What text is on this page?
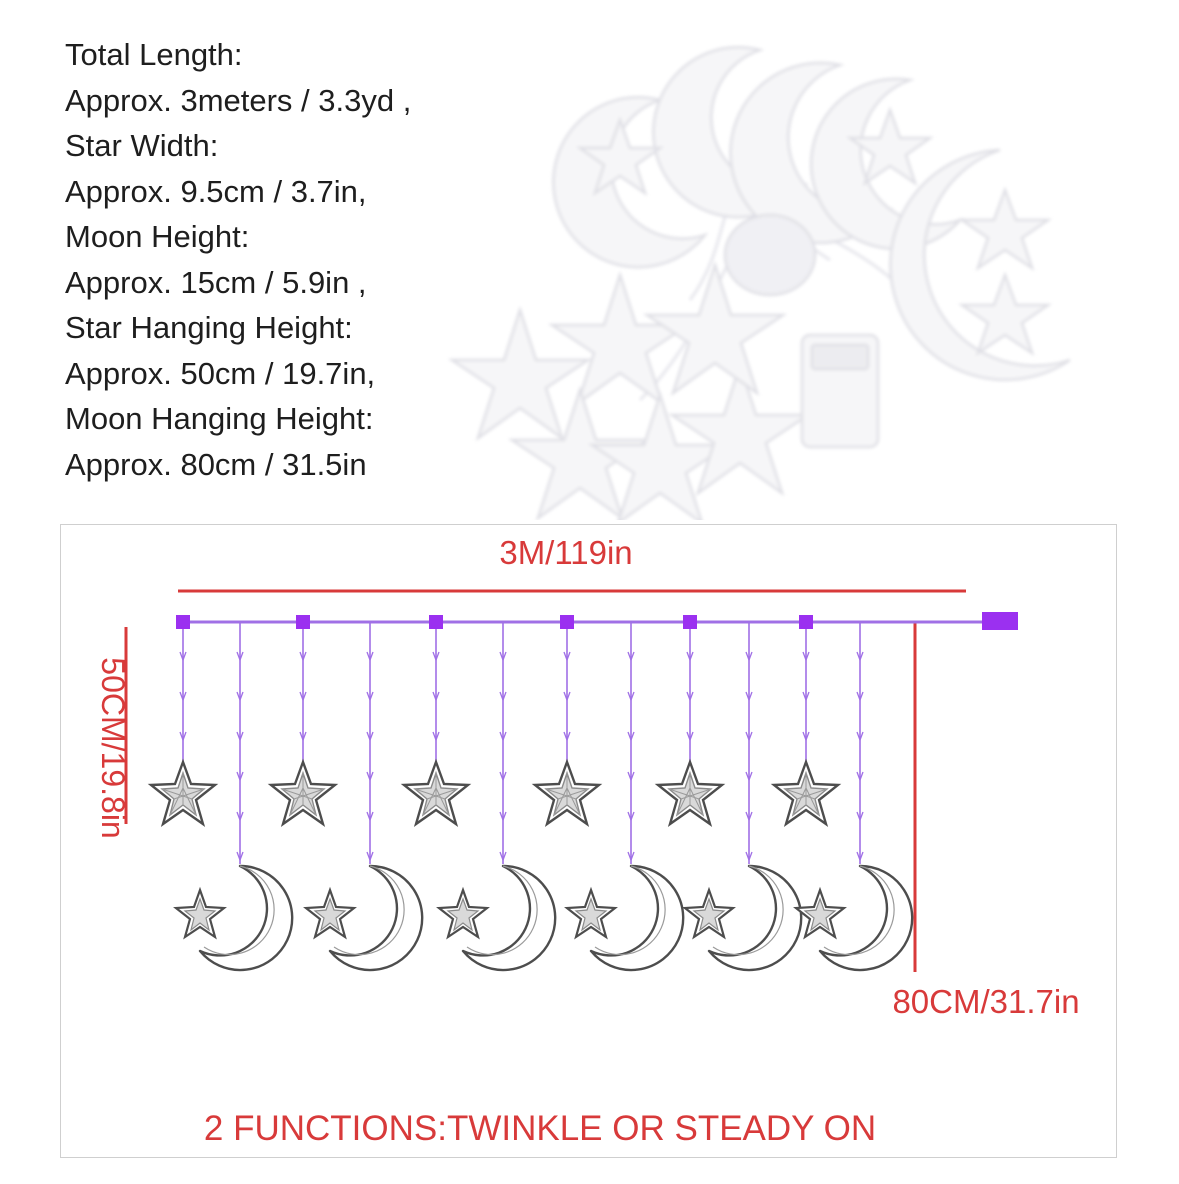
Total Length:
Approx. 3meters / 3.3yd ,
Star Width:
Approx. 9.5cm / 3.7in,
Moon Height:
Approx. 15cm / 5.9in ,
Star Hanging Height:
Approx. 50cm / 19.7in,
Moon Hanging Height:
Approx. 80cm / 31.5in
3M/119in
50CM/19.8in
80CM/31.7in
2 FUNCTIONS:TWINKLE OR STEADY ON
